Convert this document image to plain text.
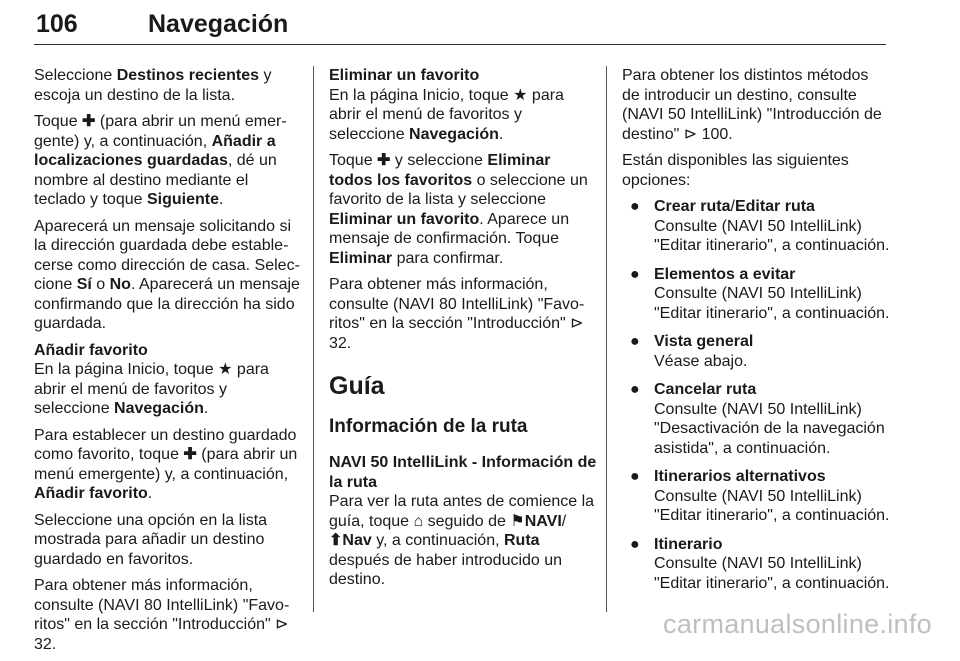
106	Navegación

Seleccione Destinos recientes y escoja un destino de la lista.

Toque ✚ (para abrir un menú emergente) y, a continuación, Añadir a localizaciones guardadas, dé un nombre al destino mediante el teclado y toque Siguiente.

Aparecerá un mensaje solicitando si la dirección guardada debe establecerse como dirección de casa. Seleccione Sí o No. Aparecerá un mensaje confirmando que la dirección ha sido guardada.

Añadir favorito

En la página Inicio, toque ★ para abrir el menú de favoritos y seleccione Navegación.

Para establecer un destino guardado como favorito, toque ✚ (para abrir un menú emergente) y, a continuación, Añadir favorito.

Seleccione una opción en la lista mostrada para añadir un destino guardado en favoritos.

Para obtener más información, consulte (NAVI 80 IntelliLink) "Favoritos" en la sección "Introducción" ⊳ 32.

Eliminar un favorito

En la página Inicio, toque ★ para abrir el menú de favoritos y seleccione Navegación.

Toque ✚ y seleccione Eliminar todos los favoritos o seleccione un favorito de la lista y seleccione Eliminar un favorito. Aparece un mensaje de confirmación. Toque Eliminar para confirmar.

Para obtener más información, consulte (NAVI 80 IntelliLink) "Favoritos" en la sección "Introducción" ⊳ 32.

Guía
Información de la ruta
NAVI 50 IntelliLink - Información de la ruta

Para ver la ruta antes de comience la guía, toque ⌂ seguido de ⚑NAVI/
⬆Nav y, a continuación, Ruta después de haber introducido un destino.

Para obtener los distintos métodos de introducir un destino, consulte (NAVI 50 IntelliLink) "Introducción de destino" ⊳ 100.

Están disponibles las siguientes opciones:

● Crear ruta/Editar ruta
Consulte (NAVI 50 IntelliLink) "Editar itinerario", a continuación.
● Elementos a evitar
Consulte (NAVI 50 IntelliLink) "Editar itinerario", a continuación.
● Vista general
Véase abajo.
● Cancelar ruta
Consulte (NAVI 50 IntelliLink) "Desactivación de la navegación asistida", a continuación.
● Itinerarios alternativos
Consulte (NAVI 50 IntelliLink) "Editar itinerario", a continuación.
● Itinerario
Consulte (NAVI 50 IntelliLink) "Editar itinerario", a continuación.
carmanualsonline.info
